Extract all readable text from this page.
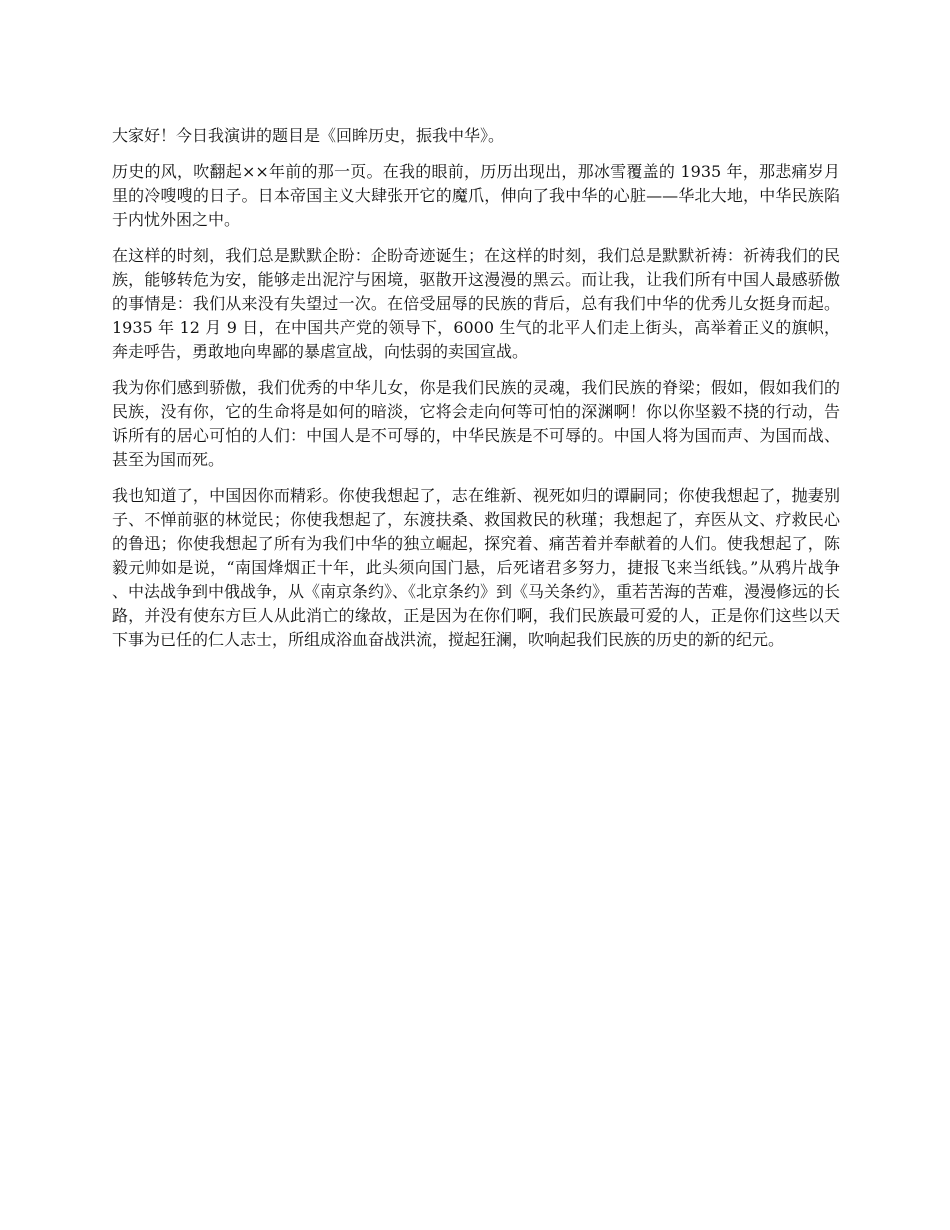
大家好！今日我演讲的题目是《回眸历史，振我中华》。

历史的风，吹翻起××年前的那一页。在我的眼前，历历出现出，那冰雪覆盖的 1935 年，那悲痛岁月里的冷嗖嗖的日子。日本帝国主义大肆张开它的魔爪，伸向了我中华的心脏——华北大地，中华民族陷于内忧外困之中。

在这样的时刻，我们总是默默企盼：企盼奇迹诞生；在这样的时刻，我们总是默默祈祷：祈祷我们的民族，能够转危为安，能够走出泥泞与困境，驱散开这漫漫的黑云。而让我，让我们所有中国人最感骄傲的事情是：我们从来没有失望过一次。在倍受屈辱的民族的背后，总有我们中华的优秀儿女挺身而起。1935 年 12 月 9 日，在中国共产党的领导下，6000 生气的北平人们走上街头，高举着正义的旗帜，奔走呼告，勇敢地向卑鄙的暴虐宣战，向怯弱的卖国宣战。

我为你们感到骄傲，我们优秀的中华儿女，你是我们民族的灵魂，我们民族的脊梁；假如，假如我们的民族，没有你，它的生命将是如何的暗淡，它将会走向何等可怕的深渊啊！你以你坚毅不挠的行动，告诉所有的居心可怕的人们：中国人是不可辱的，中华民族是不可辱的。中国人将为国而声、为国而战、甚至为国而死。

我也知道了，中国因你而精彩。你使我想起了，志在维新、视死如归的谭嗣同；你使我想起了，抛妻别子、不惮前驱的林觉民；你使我想起了，东渡扶桑、救国救民的秋瑾；我想起了，弃医从文、疗救民心的鲁迅；你使我想起了所有为我们中华的独立崛起，探究着、痛苦着并奉献着的人们。使我想起了，陈毅元帅如是说，“南国烽烟正十年，此头须向国门悬，后死诸君多努力，捷报飞来当纸钱。”从鸦片战争、中法战争到中俄战争，从《南京条约》、《北京条约》到《马关条约》，重若苦海的苦难，漫漫修远的长路，并没有使东方巨人从此消亡的缘故，正是因为在你们啊，我们民族最可爱的人，正是你们这些以天下事为已任的仁人志士，所组成浴血奋战洪流，搅起狂澜，吹响起我们民族的历史的新的纪元。
